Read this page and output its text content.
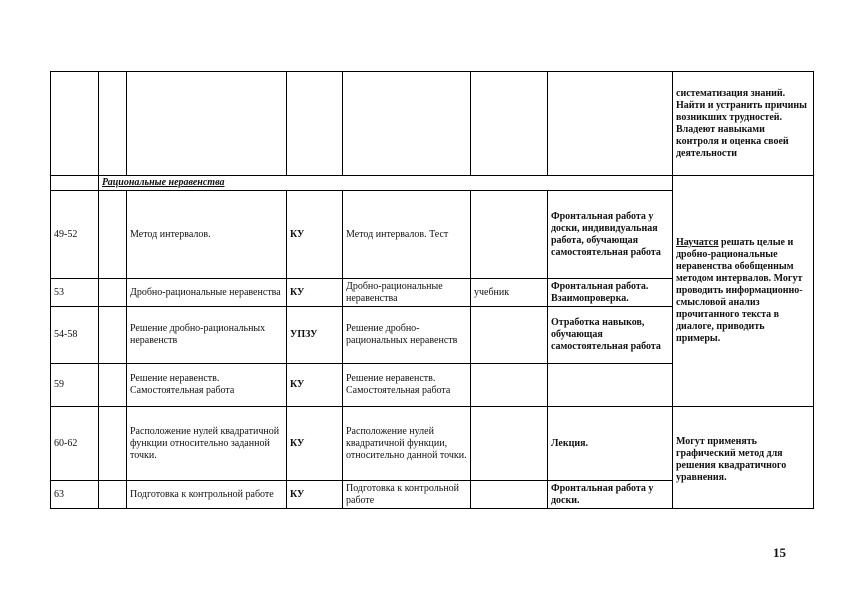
							систематизация знаний. Найти и устранить причины возникших трудностей. Владеют навыками контроля и оценка своей деятельности
	Рациональные неравенства						Научатся решать целые и дробно-рациональные неравенства обобщенным методом интервалов. Могут проводить информационно-смысловой анализ прочитанного текста в диалоге, приводить примеры.
49-52		Метод интервалов.	КУ	Метод интервалов. Тест		Фронтальная работа у доски, индивидуальная работа, обучающая самостоятельная работа	
53		Дробно-рациональные неравенства	КУ	Дробно-рациональные неравенства	учебник	Фронтальная работа. Взаимопроверка.	
54-58		Решение дробно-рациональных неравенств	УПЗУ	Решение дробно-рациональных неравенств		Отработка навыков, обучающая самостоятельная работа	
59		Решение неравенств. Самостоятельная работа	КУ	Решение неравенств. Самостоятельная работа			
60-62		Расположение нулей квадратичной функции относительно заданной точки.	КУ	Расположение нулей квадратичной функции, относительно данной точки.		Лекция.	Могут применять графический метод для решения квадратичного уравнения.
63		Подготовка к контрольной работе	КУ	Подготовка к контрольной работе		Фронтальная работа у доски.	
15
